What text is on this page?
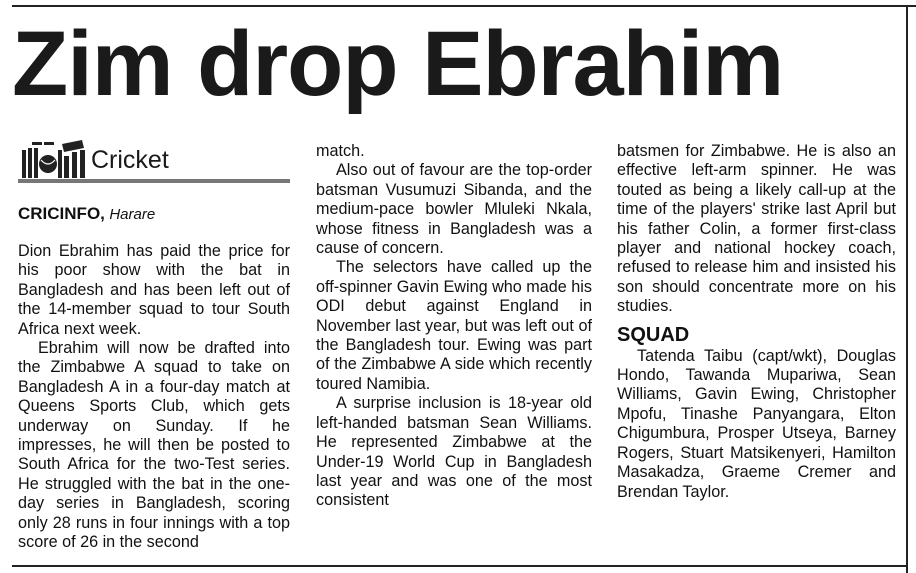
Zim drop Ebrahim
Cricket
CRICINFO, Harare

Dion Ebrahim has paid the price for his poor show with the bat in Bangladesh and has been left out of the 14-member squad to tour South Africa next week.

Ebrahim will now be drafted into the Zimbabwe A squad to take on Bangladesh A in a four-day match at Queens Sports Club, which gets underway on Sunday. If he impresses, he will then be posted to South Africa for the two-Test series. He struggled with the bat in the one-day series in Bangladesh, scoring only 28 runs in four innings with a top score of 26 in the second

match.

Also out of favour are the top-order batsman Vusumuzi Sibanda, and the medium-pace bowler Mluleki Nkala, whose fitness in Bangladesh was a cause of concern.

The selectors have called up the off-spinner Gavin Ewing who made his ODI debut against England in November last year, but was left out of the Bangladesh tour. Ewing was part of the Zimbabwe A side which recently toured Namibia.

A surprise inclusion is 18-year old left-handed batsman Sean Williams. He represented Zimbabwe at the Under-19 World Cup in Bangladesh last year and was one of the most consistent

batsmen for Zimbabwe. He is also an effective left-arm spinner. He was touted as being a likely call-up at the time of the players' strike last April but his father Colin, a former first-class player and national hockey coach, refused to release him and insisted his son should concentrate more on his studies.

SQUAD

Tatenda Taibu (capt/wkt), Douglas Hondo, Tawanda Mupariwa, Sean Williams, Gavin Ewing, Christopher Mpofu, Tinashe Panyangara, Elton Chigumbura, Prosper Utseya, Barney Rogers, Stuart Matsikenyeri, Hamilton Masakadza, Graeme Cremer and Brendan Taylor.
